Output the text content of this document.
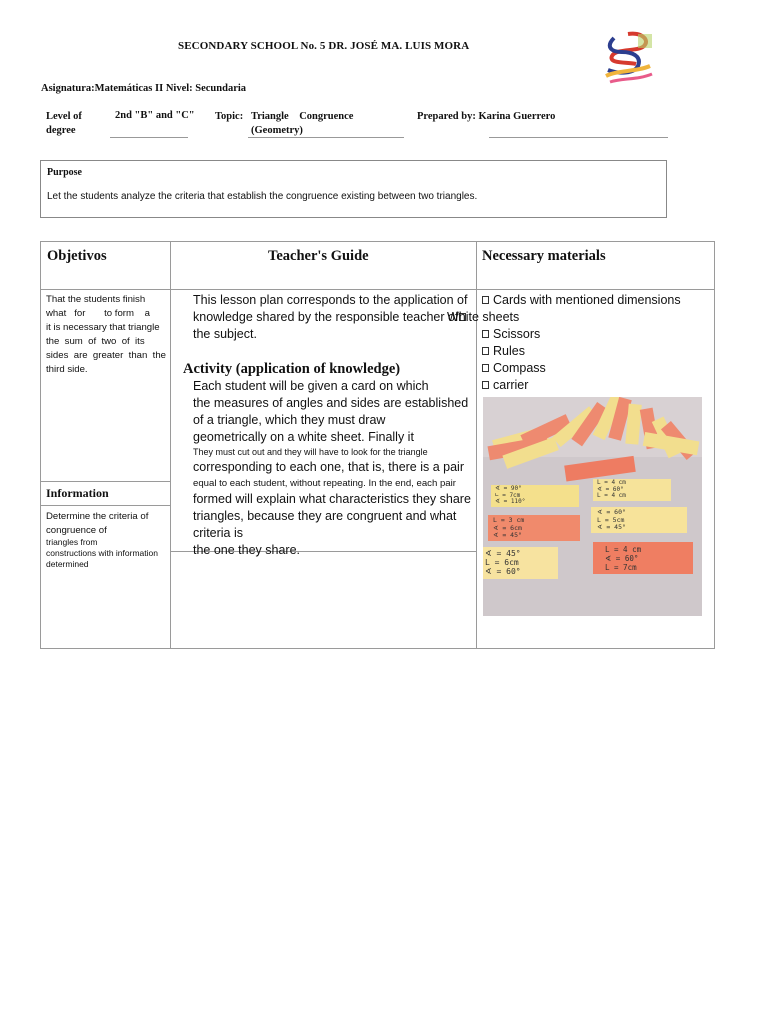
SECONDARY SCHOOL No. 5 DR. JOSÉ MA. LUIS MORA
Asignatura:Matemáticas II Nivel: Secundaria
Level of
degree
2nd "B" and "C" Topic: Triangle    Congruence
(Geometry)
Prepared by: Karina Guerrero
Purpose
Let the students analyze the criteria that establish the congruence existing between two triangles.
Objetivos	Teacher's Guide	Necessary materials
That the students finish
what   for       to form    a
it is necessary that triangle
the  sum  of  two  of  its
sides  are  greater  than  the
third side.
Information
Determine the criteria of
congruence of
triangles from
constructions with information
determined
This lesson plan corresponds to the application of
knowledge shared by the responsible teacher of
the subject.
Activity (application of knowledge)
Each student will be given a card on which
the measures of angles and sides are established
of a triangle, which they must draw
geometrically on a white sheet. Finally it
They must cut out and they will have to look for the triangle
corresponding to each one, that is, there is a pair
equal to each student, without repeating. In the end, each pair
formed will explain what characteristics they share
triangles, because they are congruent and what criteria is
the one they share.
Cards with mentioned dimensions
White sheets
Scissors
Rules
Compass
carrier
∢ = 90°
∟ = 7cm
∢ = 110°
L = 4 cm
∢ = 60°
L = 4 cm
L = 3 cm
∢ = 6cm
∢ = 45°
∢ = 60°
L = 5cm
∢ = 45°
∢ = 45°
L = 6cm
∢ = 60°
L = 4 cm
∢ = 60°
L = 7cm
